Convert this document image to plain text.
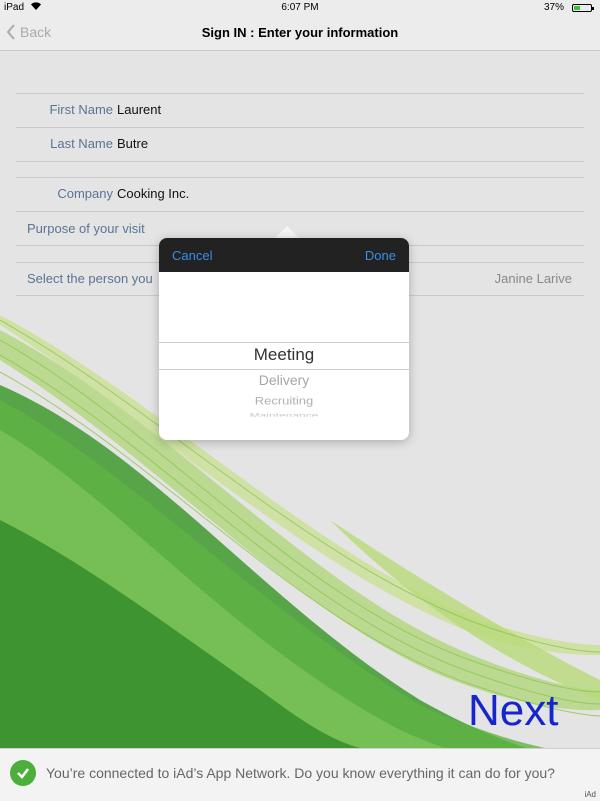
iPad	6:07 PM	37%
Back	Sign IN : Enter your information
First Name Laurent
Last Name Butre
Company Cooking Inc.
Purpose of your visit
Select the person you	Janine Larive
Cancel	Done
Meeting
Delivery
Recruiting
Maintenance
Next
You’re connected to iAd’s App Network. Do you know everything it can do for you?
iAd
